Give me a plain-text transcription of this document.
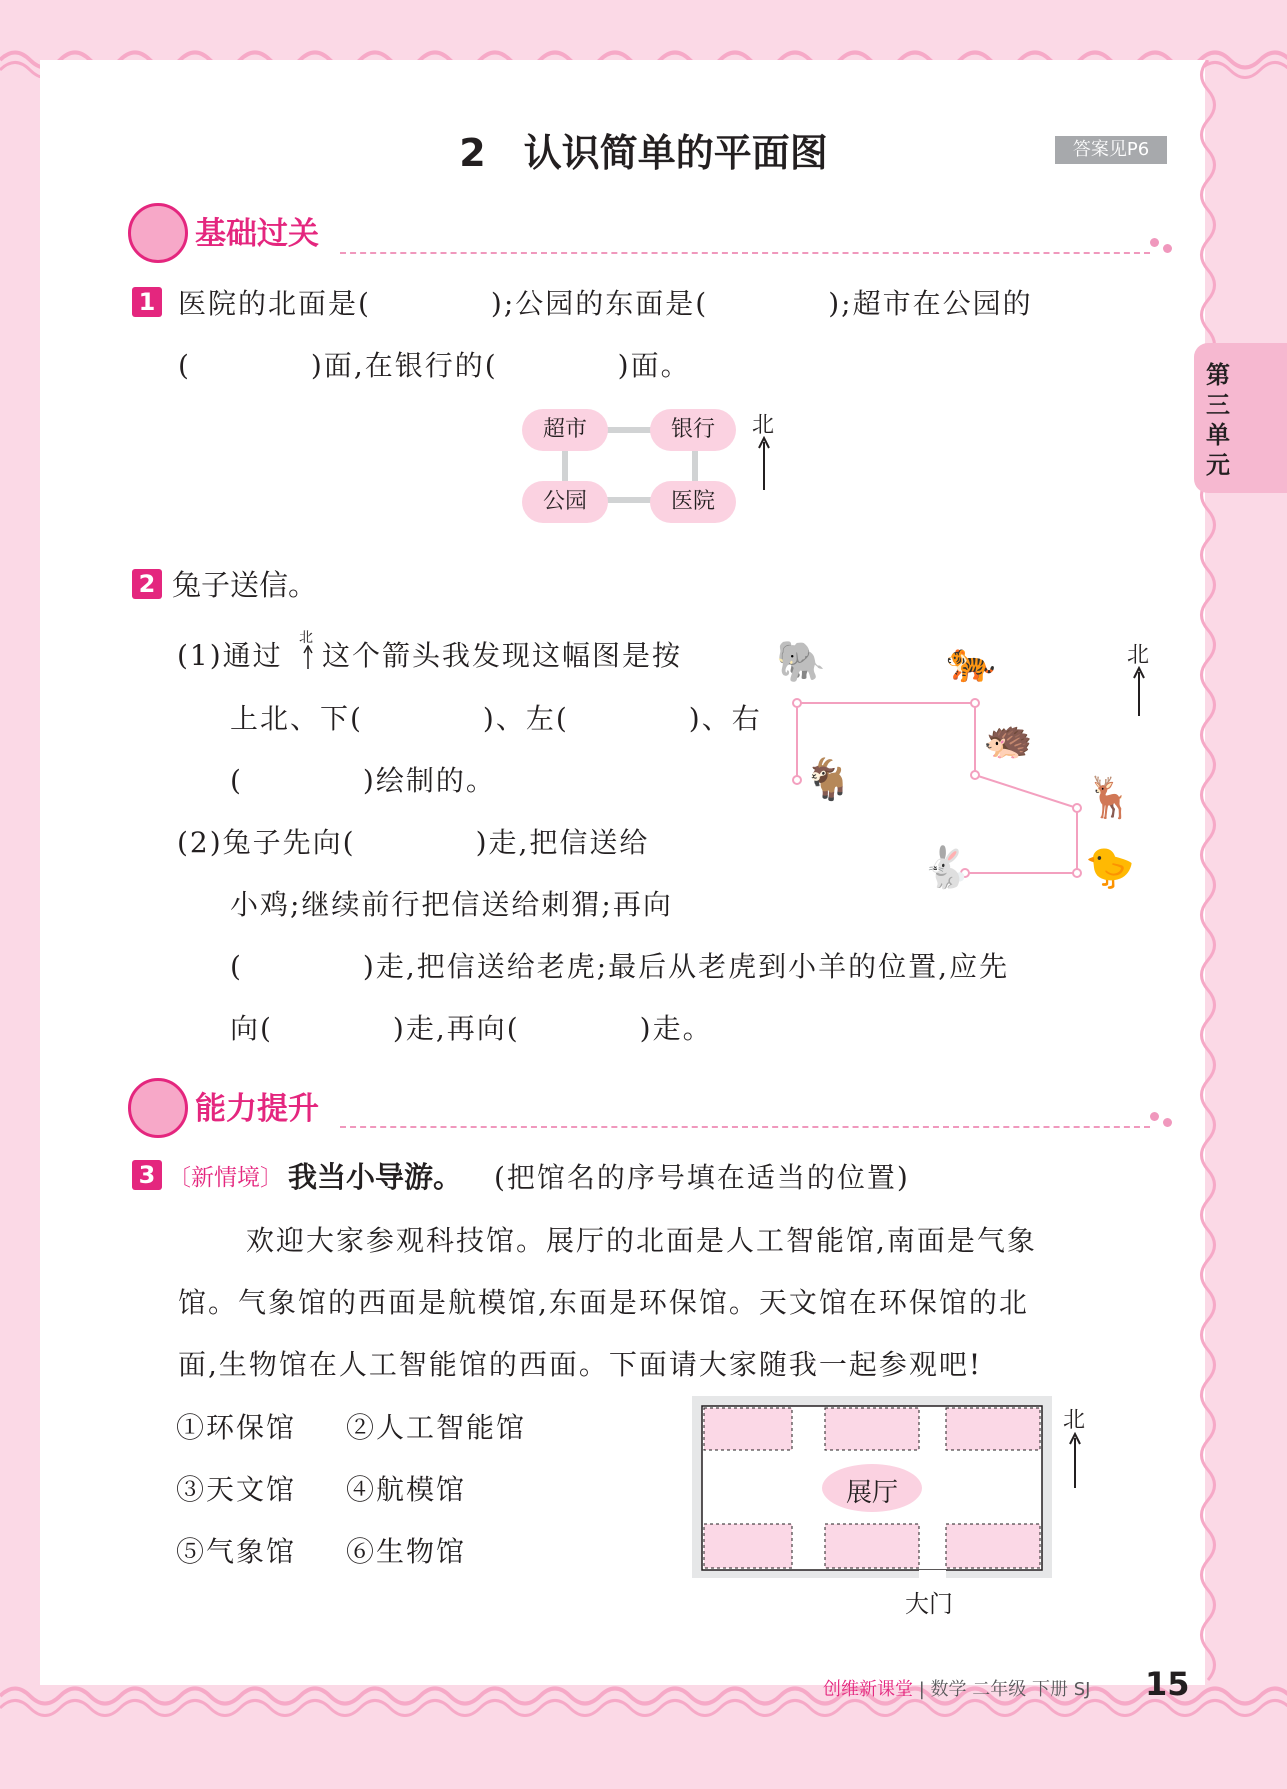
2　认识简单的平面图	答案见P6
第三单元
基础过关
1 医院的北面是(　　　　);公园的东面是(　　　　);超市在公园的
(　　　　)面,在银行的(　　　　)面。
超市	银行
公园	医院
北
2 兔子送信。
(1)通过
北
这个箭头我发现这幅图是按
上北、下(　　　　)、左(　　　　)、右
(　　　　)绘制的。
(2)兔子先向(　　　　)走,把信送给
小鸡;继续前行把信送给刺猬;再向
(　　　　)走,把信送给老虎;最后从老虎到小羊的位置,应先
向(　　　　)走,再向(　　　　)走。
🐘	🐅
🦔
🐐	🦌
🐇	🐤
北
能力提升
3 〔新情境〕 我当小导游。 (把馆名的序号填在适当的位置)
欢迎大家参观科技馆。展厅的北面是人工智能馆,南面是气象
馆。气象馆的西面是航模馆,东面是环保馆。天文馆在环保馆的北
面,生物馆在人工智能馆的西面。下面请大家随我一起参观吧!
①环保馆 ②人工智能馆
③天文馆 ④航模馆
⑤气象馆 ⑥生物馆
展厅
大门
北
创维新课堂 | 数学 二年级 下册 SJ 15
